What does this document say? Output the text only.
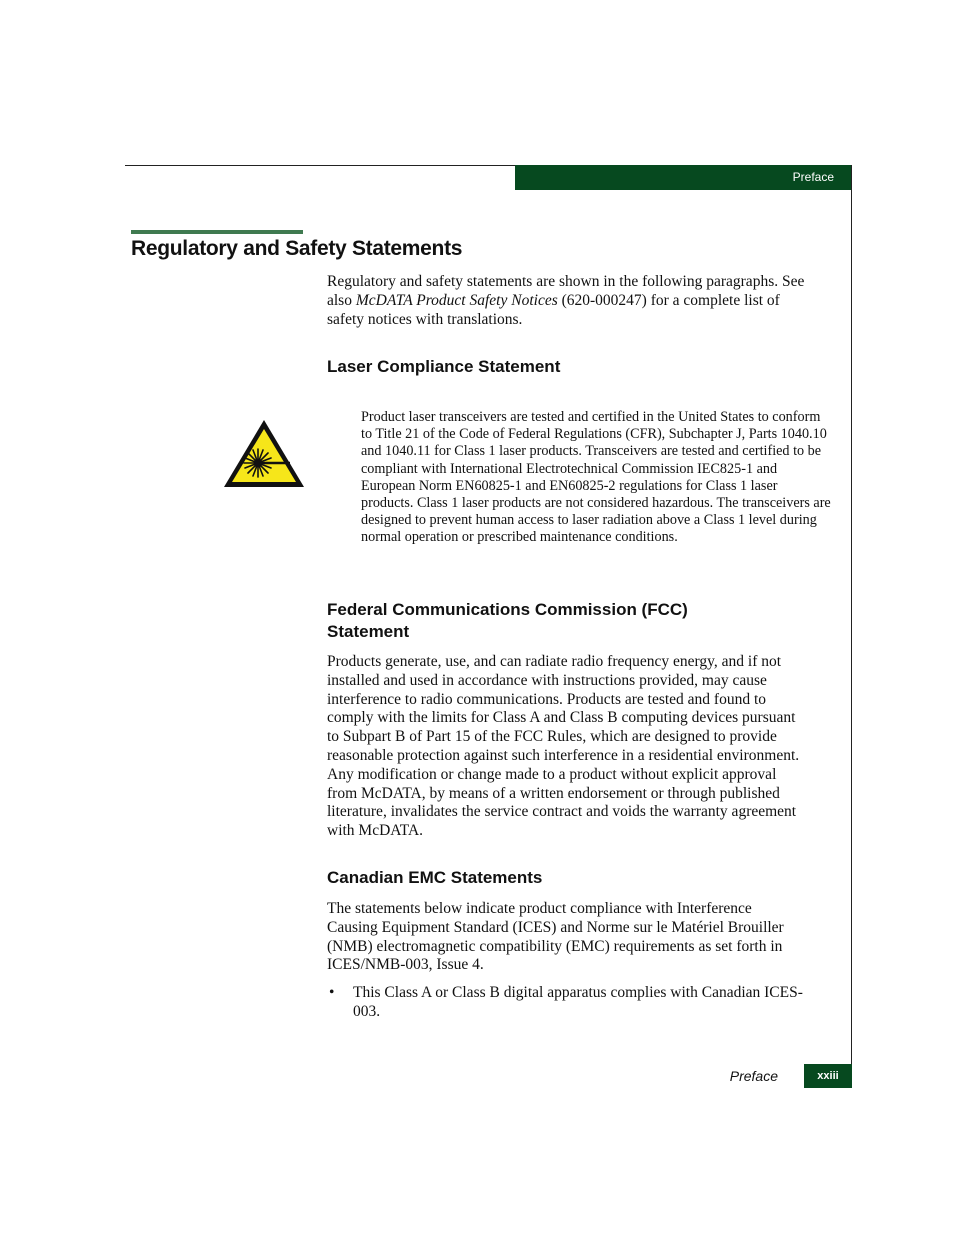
Preface
Regulatory and Safety Statements

Regulatory and safety statements are shown in the following paragraphs. See also McDATA Product Safety Notices (620-000247) for a complete list of safety notices with translations.

Laser Compliance Statement

Product laser transceivers are tested and certified in the United States to conform to Title 21 of the Code of Federal Regulations (CFR), Subchapter J, Parts 1040.10 and 1040.11 for Class 1 laser products. Transceivers are tested and certified to be compliant with International Electrotechnical Commission IEC825-1 and European Norm EN60825-1 and EN60825-2 regulations for Class 1 laser products. Class 1 laser products are not considered hazardous. The transceivers are designed to prevent human access to laser radiation above a Class 1 level during normal operation or prescribed maintenance conditions.

Federal Communications Commission (FCC)
Statement

Products generate, use, and can radiate radio frequency energy, and if not installed and used in accordance with instructions provided, may cause interference to radio communications. Products are tested and found to comply with the limits for Class A and Class B computing devices pursuant to Subpart B of Part 15 of the FCC Rules, which are designed to provide reasonable protection against such interference in a residential environment. Any modification or change made to a product without explicit approval from McDATA, by means of a written endorsement or through published literature, invalidates the service contract and voids the warranty agreement with McDATA.

Canadian EMC Statements

The statements below indicate product compliance with Interference Causing Equipment Standard (ICES) and Norme sur le Matériel Brouiller (NMB) electromagnetic compatibility (EMC) requirements as set forth in ICES/NMB-003, Issue 4.

• This Class A or Class B digital apparatus complies with Canadian ICES-003.
Preface	xxiii
